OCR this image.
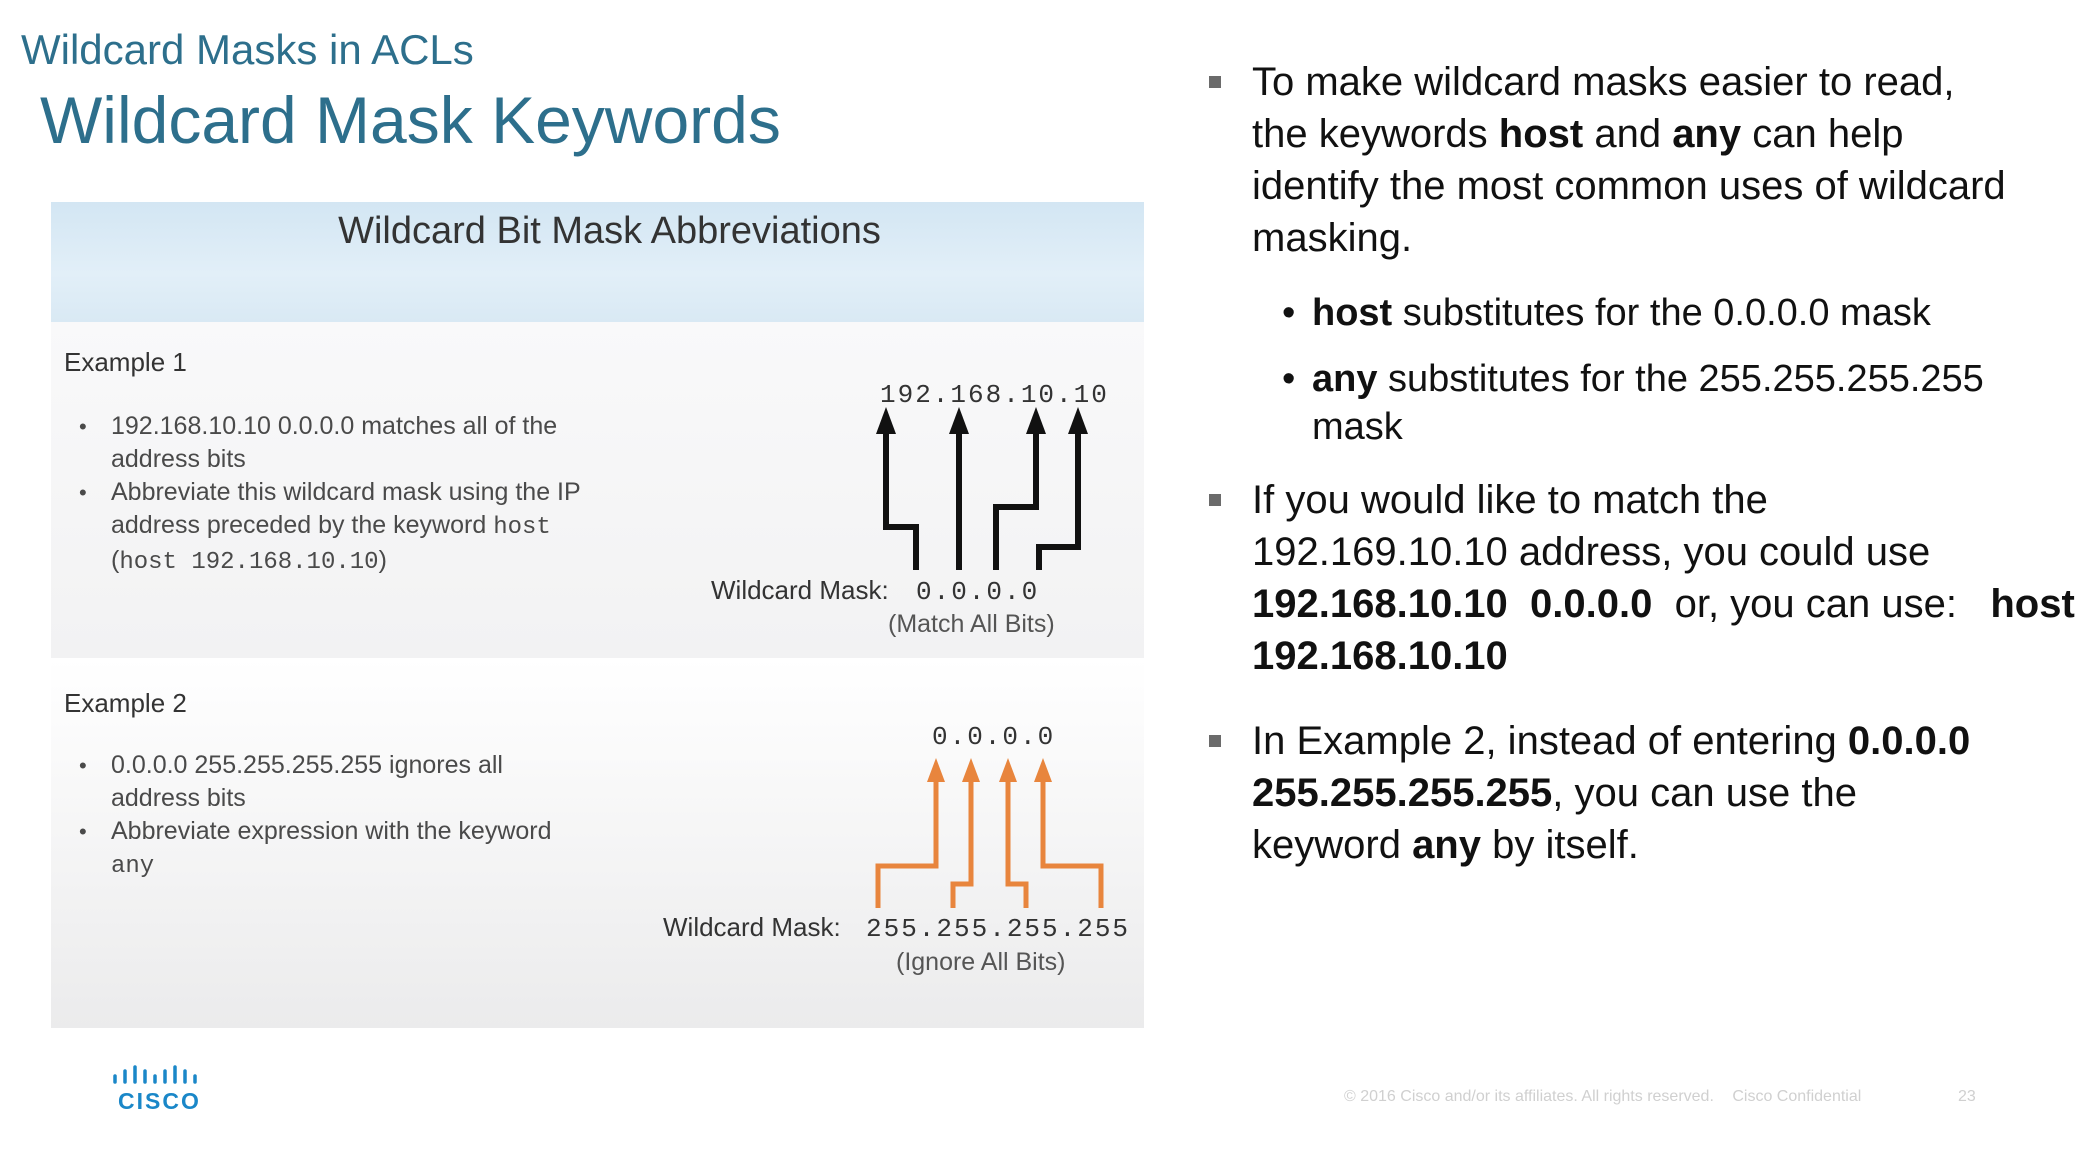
Wildcard Masks in ACLs
Wildcard Mask Keywords
Wildcard Bit Mask Abbreviations
Example 1
• 192.168.10.10 0.0.0.0 matches all of the address bits
• Abbreviate this wildcard mask using the IP address preceded by the keyword host (host 192.168.10.10)
192.168.10.10
Wildcard Mask: 0.0.0.0
(Match All Bits)
Example 2
• 0.0.0.0 255.255.255.255 ignores all address bits
• Abbreviate expression with the keyword any
0.0.0.0
Wildcard Mask: 255.255.255.255
(Ignore All Bits)
To make wildcard masks easier to read, the keywords host and any can help identify the most common uses of wildcard masking.
• host substitutes for the 0.0.0.0 mask
• any substitutes for the 255.255.255.255 mask
If you would like to match the 192.169.10.10 address, you could use 192.168.10.10  0.0.0.0  or, you can use:   host 192.168.10.10
In Example 2, instead of entering 0.0.0.0 255.255.255.255, you can use the keyword any by itself.
CISCO	© 2016 Cisco and/or its affiliates. All rights reserved. Cisco Confidential	23
